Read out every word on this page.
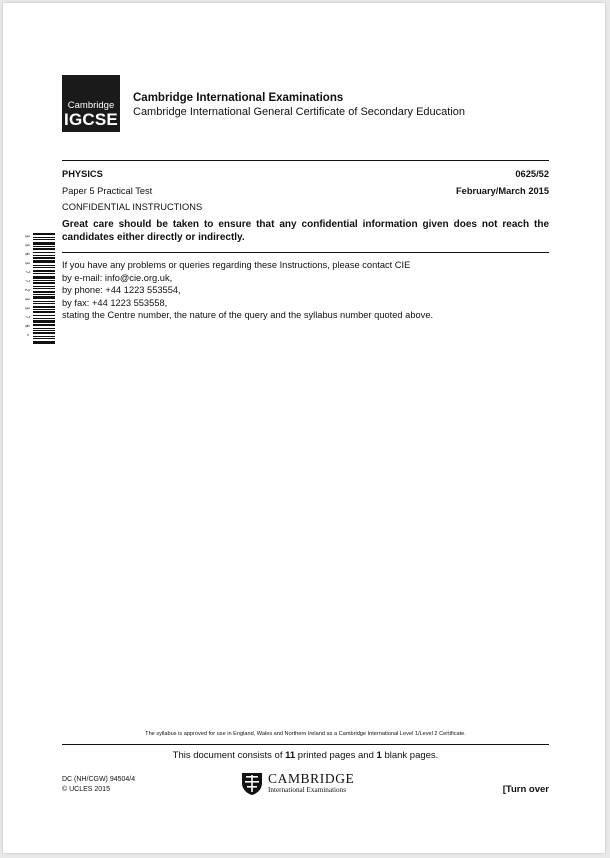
Cambridge
IGCSE
Cambridge International Examinations
Cambridge International General Certificate of Secondary Education
PHYSICS	0625/52
Paper 5 Practical Test	February/March 2015
CONFIDENTIAL INSTRUCTIONS
Great care should be taken to ensure that any confidential information given does not reach the candidates either directly or indirectly.
If you have any problems or queries regarding these Instructions, please contact CIE
by e-mail: info@cie.org.uk,
by phone: +44 1223 553554,
by fax: +44 1223 553558,
stating the Centre number, the nature of the query and the syllabus number quoted above.
3
3
6
3
7
7
2
3
3
7
6
*
The syllabus is approved for use in England, Wales and Northern Ireland as a Cambridge International Level 1/Level 2 Certificate.
This document consists of 11 printed pages and 1 blank pages.
DC (NH/CGW) 94504/4
© UCLES 2015
CAMBRIDGE
International Examinations	[Turn over
